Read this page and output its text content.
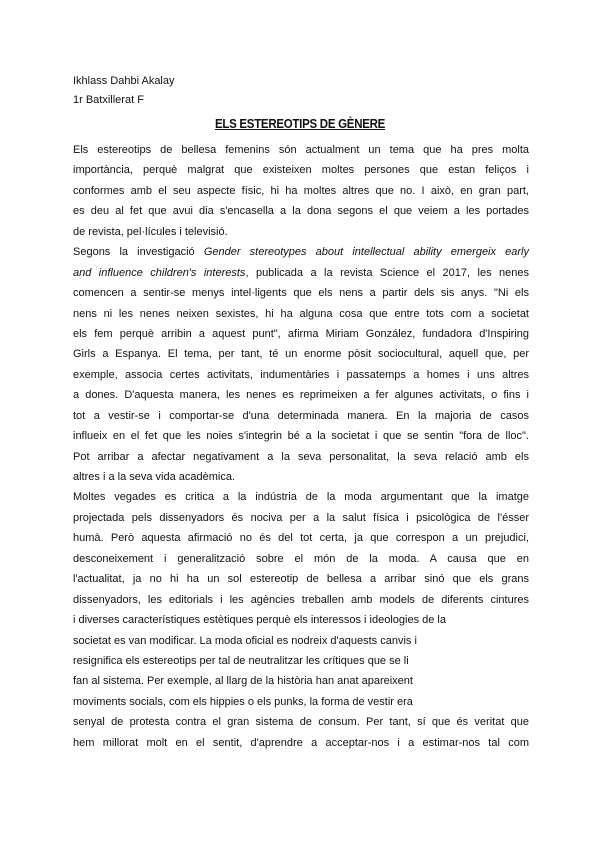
Ikhlass Dahbi Akalay
1r Batxillerat F
ELS ESTEREOTIPS DE GÈNERE
Els estereotips de bellesa femenins són actualment un tema que ha pres molta
importància, perquè malgrat que existeixen moltes persones que estan feliços i
conformes amb el seu aspecte físic, hi ha moltes altres que no. I això, en gran part,
es deu al fet que avui dia s'encasella a la dona segons el que veiem a les portades
de revista, pel·lícules i televisió.
Segons la investigació Gender stereotypes about intellectual ability emergeix early
and influence children's interests, publicada a la revista Science el 2017, les nenes
comencen a sentir-se menys intel·ligents que els nens a partir dels sis anys. "Ni els
nens ni les nenes neixen sexistes, hi ha alguna cosa que entre tots com a societat
els fem perquè arribin a aquest punt", afirma Miriam González, fundadora d'Inspiring
Girls a Espanya. El tema, per tant, té un enorme pòsit sociocultural, aquell que, per
exemple, associa certes activitats, indumentàries i passatemps a homes i uns altres
a dones. D'aquesta manera, les nenes es reprimeixen a fer algunes activitats, o fins i
tot a vestir-se i comportar-se d'una determinada manera. En la majoria de casos
influeix en el fet que les noies s'integrin bé a la societat i que se sentin "fora de lloc".
Pot arribar a afectar negativament a la seva personalitat, la seva relació amb els
altres i a la seva vida acadèmica.
Moltes vegades es critica a la indústria de la moda argumentant que la imatge
projectada pels dissenyadors és nociva per a la salut física i psicològica de l'ésser
humà. Però aquesta afirmació no és del tot certa, ja que correspon a un prejudici,
desconeixement i generalització sobre el món de la moda. A causa que en
l'actualitat, ja no hi ha un sol estereotip de bellesa a arribar sinó que els grans
dissenyadors, les editorials i les agències treballen amb models de diferents cintures
i diverses característiques estètiques perquè els interessos i ideologies de la
societat es van modificar. La moda oficial es nodreix d'aquests canvis i
resignifica els estereotips per tal de neutralitzar les crítiques que se li
fan al sistema. Per exemple, al llarg de la història han anat apareixent
moviments socials, com els hippies o els punks, la forma de vestir era
senyal de protesta contra el gran sistema de consum. Per tant, sí que és veritat que
hem millorat molt en el sentit, d'aprendre a acceptar-nos i a estimar-nos tal com
